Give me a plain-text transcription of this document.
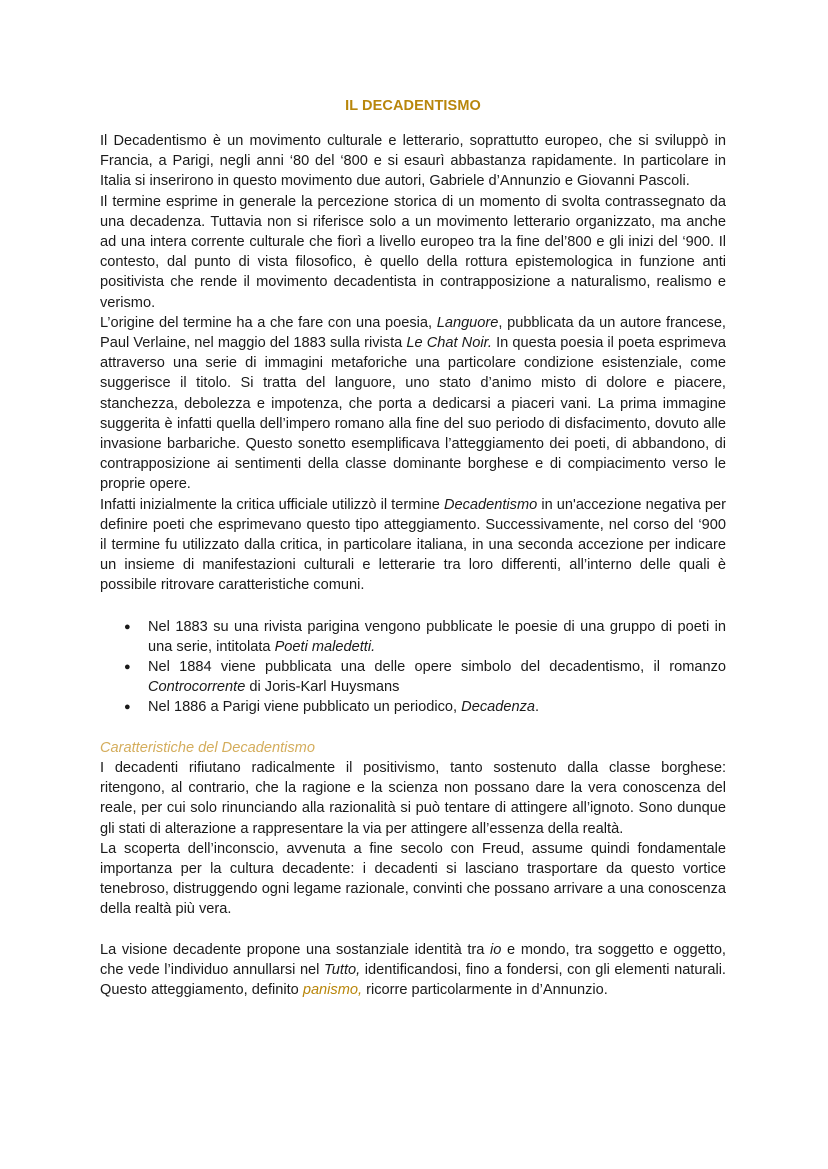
IL DECADENTISMO

Il Decadentismo è un movimento culturale e letterario, soprattutto europeo, che si sviluppò in Francia, a Parigi, negli anni ‘80 del ‘800 e si esaurì abbastanza rapidamente. In particolare in Italia si inserirono in questo movimento due autori, Gabriele d’Annunzio e Giovanni Pascoli.

Il termine esprime in generale la percezione storica di un momento di svolta contrassegnato da una decadenza. Tuttavia non si riferisce solo a un movimento letterario organizzato, ma anche ad una intera corrente culturale che fiorì a livello europeo tra la fine del’800 e gli inizi del ‘900. Il contesto, dal punto di vista filosofico, è quello della rottura epistemologica in funzione anti positivista che rende il movimento decadentista in contrapposizione a naturalismo, realismo e verismo.

L’origine del termine ha a che fare con una poesia, Languore, pubblicata da un autore francese, Paul Verlaine, nel maggio del 1883 sulla rivista Le Chat Noir. In questa poesia il poeta esprimeva attraverso una serie di immagini metaforiche una particolare condizione esistenziale, come suggerisce il titolo. Si tratta del languore, uno stato d’animo misto di dolore e piacere, stanchezza, debolezza e impotenza, che porta a dedicarsi a piaceri vani. La prima immagine suggerita è infatti quella dell’impero romano alla fine del suo periodo di disfacimento, dovuto alle invasione barbariche. Questo sonetto esemplificava l’atteggiamento dei poeti, di abbandono, di contrapposizione ai sentimenti della classe dominante borghese e di compiacimento verso le proprie opere.

Infatti inizialmente la critica ufficiale utilizzò il termine Decadentismo in un'accezione negativa per definire poeti che esprimevano questo tipo atteggiamento. Successivamente, nel corso del ‘900 il termine fu utilizzato dalla critica, in particolare italiana, in una seconda accezione per indicare un insieme di manifestazioni culturali e letterarie tra loro differenti, all’interno delle quali è possibile ritrovare caratteristiche comuni.

● Nel 1883 su una rivista parigina vengono pubblicate le poesie di una gruppo di poeti in una serie, intitolata Poeti maledetti.
● Nel 1884 viene pubblicata una delle opere simbolo del decadentismo, il romanzo Controcorrente di Joris-Karl Huysmans
● Nel 1886 a Parigi viene pubblicato un periodico, Decadenza.

Caratteristiche del Decadentismo

I decadenti rifiutano radicalmente il positivismo, tanto sostenuto dalla classe borghese: ritengono, al contrario, che la ragione e la scienza non possano dare la vera conoscenza del reale, per cui solo rinunciando alla razionalità si può tentare di attingere all’ignoto. Sono dunque gli stati di alterazione a rappresentare la via per attingere all’essenza della realtà.

La scoperta dell’inconscio, avvenuta a fine secolo con Freud, assume quindi fondamentale importanza per la cultura decadente: i decadenti si lasciano trasportare da questo vortice tenebroso, distruggendo ogni legame razionale, convinti che possano arrivare a una conoscenza della realtà più vera.

La visione decadente propone una sostanziale identità tra io e mondo, tra soggetto e oggetto, che vede l’individuo annullarsi nel Tutto, identificandosi, fino a fondersi, con gli elementi naturali. Questo atteggiamento, definito panismo, ricorre particolarmente in d’Annunzio.
